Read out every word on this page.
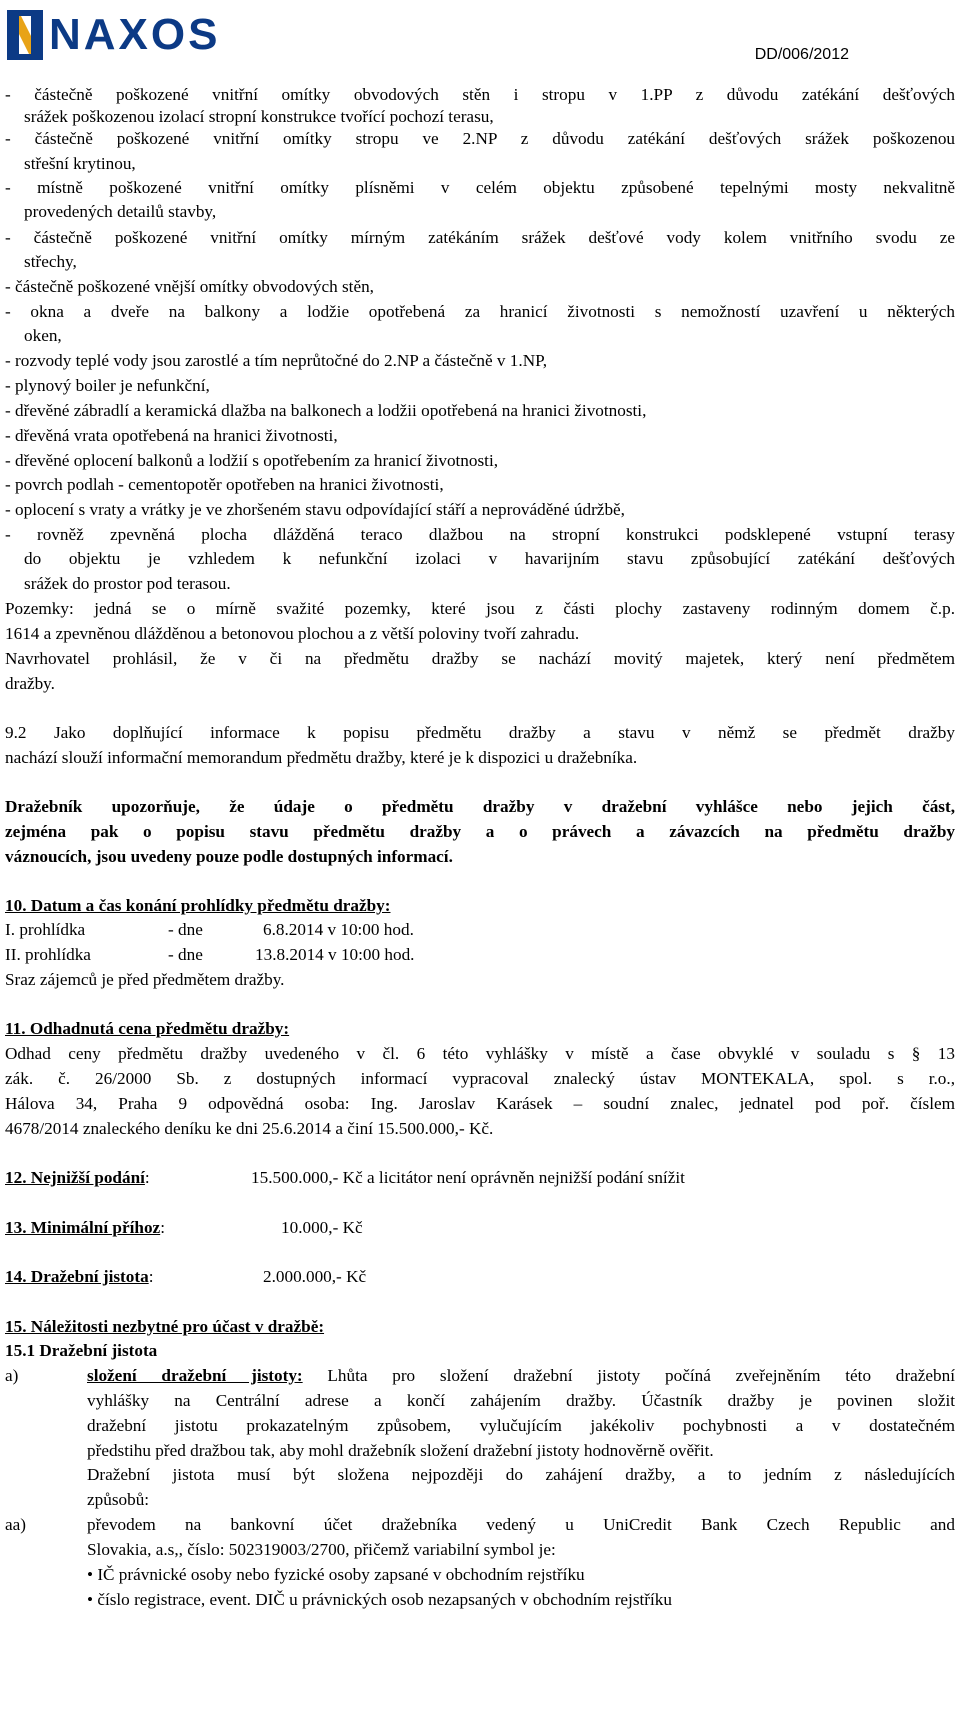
NAXOS	DD/006/2012
- částečně poškozené vnitřní omítky obvodových stěn i stropu v 1.PP z důvodu zatékání dešťových
srážek poškozenou izolací stropní konstrukce tvořící pochozí terasu,
- částečně poškozené vnitřní omítky stropu ve 2.NP z důvodu zatékání dešťových srážek poškozenou
střešní krytinou,
- místně poškozené vnitřní omítky plísněmi v celém objektu způsobené tepelnými mosty nekvalitně
provedených detailů stavby,
- částečně poškozené vnitřní omítky mírným zatékáním srážek dešťové vody kolem vnitřního svodu ze
střechy,
- částečně poškozené vnější omítky obvodových stěn,
- okna a dveře na balkony a lodžie opotřebená za hranicí životnosti s nemožností uzavření u některých
oken,
- rozvody teplé vody jsou zarostlé a tím neprůtočné do 2.NP a částečně v 1.NP,
- plynový boiler je nefunkční,
- dřevěné zábradlí a keramická dlažba na balkonech a lodžii opotřebená na hranici životnosti,
- dřevěná vrata opotřebená na hranici životnosti,
- dřevěné oplocení balkonů a lodžií s opotřebením za hranicí životnosti,
- povrch podlah - cementopotěr opotřeben na hranici životnosti,
- oplocení s vraty a vrátky je ve zhoršeném stavu odpovídající stáří a neprováděné údržbě,
- rovněž zpevněná plocha dlážděná teraco dlažbou na stropní konstrukci podsklepené vstupní terasy
do objektu je vzhledem k nefunkční izolaci v havarijním stavu způsobující zatékání dešťových
srážek do prostor pod terasou.
Pozemky: jedná se o mírně svažité pozemky, které jsou z části plochy zastaveny rodinným domem č.p.
1614 a zpevněnou dlážděnou a betonovou plochou a z větší poloviny tvoří zahradu.
Navrhovatel prohlásil, že v či na předmětu dražby se nachází movitý majetek, který není předmětem
dražby.
9.2 Jako doplňující informace k popisu předmětu dražby a stavu v němž se předmět dražby
nachází slouží informační memorandum předmětu dražby, které je k dispozici u dražebníka.
Dražebník upozorňuje, že údaje o předmětu dražby v dražební vyhlášce nebo jejich část,
zejména pak o popisu stavu předmětu dražby a o právech a závazcích na předmětu dražby
váznoucích, jsou uvedeny pouze podle dostupných informací.
10. Datum a čas konání prohlídky předmětu dražby:
I. prohlídka	- dne	6.8.2014 v 10:00 hod.
II. prohlídka	- dne	13.8.2014 v 10:00 hod.
Sraz zájemců je před předmětem dražby.
11. Odhadnutá cena předmětu dražby:
Odhad ceny předmětu dražby uvedeného v čl. 6 této vyhlášky v místě a čase obvyklé v souladu s § 13
zák. č. 26/2000 Sb. z dostupných informací vypracoval znalecký ústav MONTEKALA, spol. s r.o.,
Hálova 34, Praha 9 odpovědná osoba: Ing. Jaroslav Karásek – soudní znalec, jednatel pod poř. číslem
4678/2014 znaleckého deníku ke dni 25.6.2014 a činí 15.500.000,- Kč.
12. Nejnižší podání:	15.500.000,- Kč a licitátor není oprávněn nejnižší podání snížit
13. Minimální příhoz:	10.000,- Kč
14. Dražební jistota:	2.000.000,- Kč
15. Náležitosti nezbytné pro účast v dražbě:
15.1 Dražební jistota
a)	složení dražební jistoty: Lhůta pro složení dražební jistoty počíná zveřejněním této dražební
vyhlášky na Centrální adrese a končí zahájením dražby. Účastník dražby je povinen složit
dražební jistotu prokazatelným způsobem, vylučujícím jakékoliv pochybnosti a v dostatečném
předstihu před dražbou tak, aby mohl dražebník složení dražební jistoty hodnověrně ověřit.
Dražební jistota musí být složena nejpozději do zahájení dražby, a to jedním z následujících
způsobů:
aa)	převodem na bankovní účet dražebníka vedený u UniCredit Bank Czech Republic and
Slovakia, a.s,, číslo: 502319003/2700, přičemž variabilní symbol je:
• IČ právnické osoby nebo fyzické osoby zapsané v obchodním rejstříku
• číslo registrace, event. DIČ u právnických osob nezapsaných v obchodním rejstříku
